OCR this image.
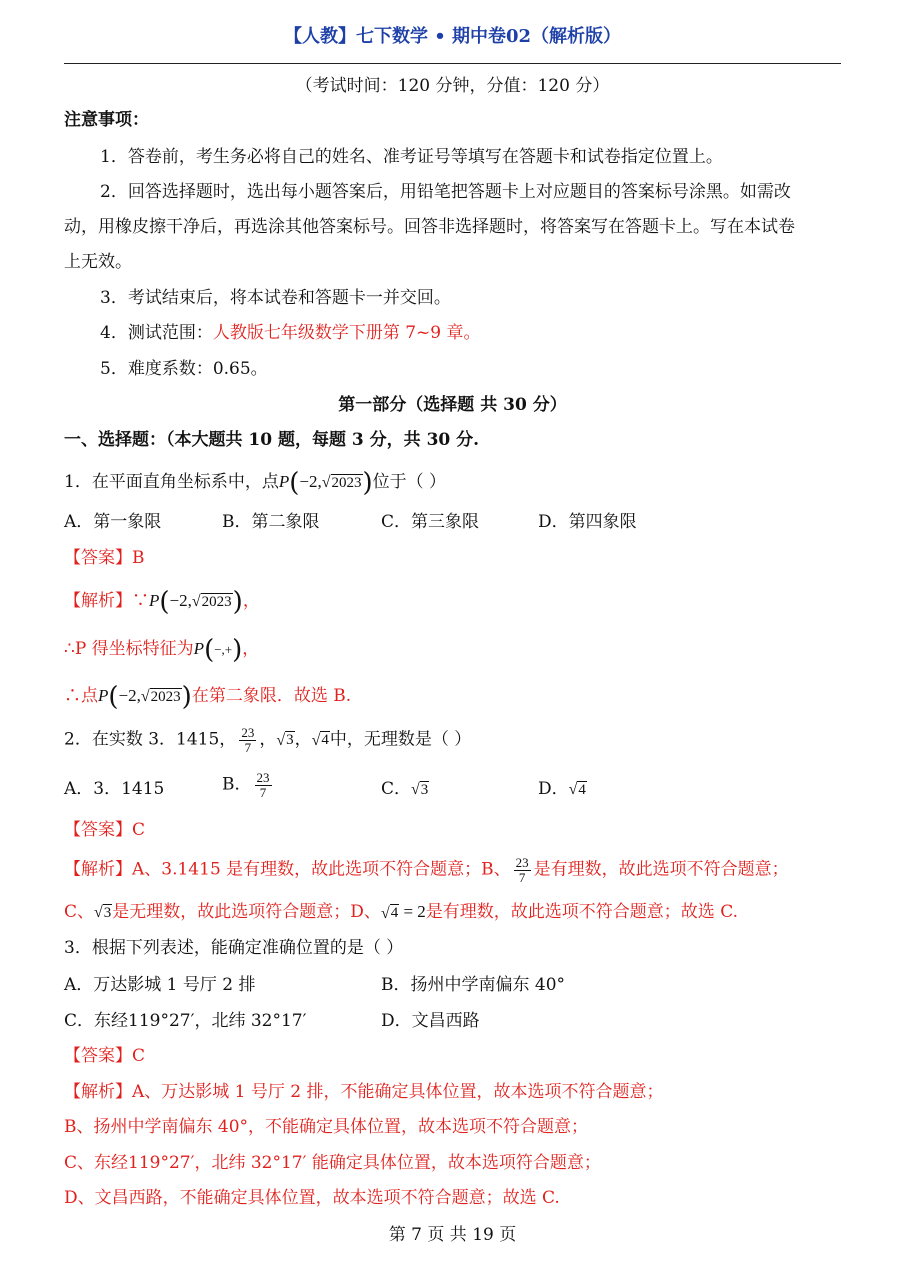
【人教】七下数学 • 期中卷02（解析版）
（考试时间：120 分钟，分值：120 分）
注意事项：
1．答卷前，考生务必将自己的姓名、准考证号等填写在答题卡和试卷指定位置上。
2．回答选择题时，选出每小题答案后，用铅笔把答题卡上对应题目的答案标号涂黑。如需改
动，用橡皮擦干净后，再选涂其他答案标号。回答非选择题时，将答案写在答题卡上。写在本试卷
上无效。
3．考试结束后，将本试卷和答题卡一并交回。
4．测试范围：人教版七年级数学下册第 7~9 章。
5．难度系数：0.65。
第一部分（选择题 共 30 分）
一、选择题：（本大题共 10 题，每题 3 分，共 30 分.
1．在平面直角坐标系中，点P(−2, √ 2023 )位于（ ）
A．第一象限	B．第二象限	C．第三象限	D．第四象限
【答案】B
【解析】∵P(−2, √ 2023 )，
∴P 得坐标特征为P(−,+)，
∴点P(−2, √ 2023 )在第二象限．故选 B.
2．在实数 3．1415， $\frac{23}{7}$ ， √ 3 ， √ 4 中，无理数是（ ）
A．3．1415	B． $\frac{23}{7}$	C． √ 3	D． √ 4
【答案】C
【解析】A、3.1415 是有理数，故此选项不符合题意；B、 $\frac{23}{7}$ 是有理数，故此选项不符合题意；
C、 √ 3 是无理数，故此选项符合题意；D、 √ 4 = 2是有理数，故此选项不符合题意；故选 C.
3．根据下列表述，能确定准确位置的是（ ）
A．万达影城 1 号厅 2 排	B．扬州中学南偏东 40°
C．东经119°27′，北纬 32°17′	D．文昌西路
【答案】C
【解析】A、万达影城 1 号厅 2 排，不能确定具体位置，故本选项不符合题意；
B、扬州中学南偏东 40°，不能确定具体位置，故本选项不符合题意；
C、东经119°27′，北纬 32°17′ 能确定具体位置，故本选项符合题意；
D、文昌西路，不能确定具体位置，故本选项不符合题意；故选 C.
第 7 页 共 19 页
